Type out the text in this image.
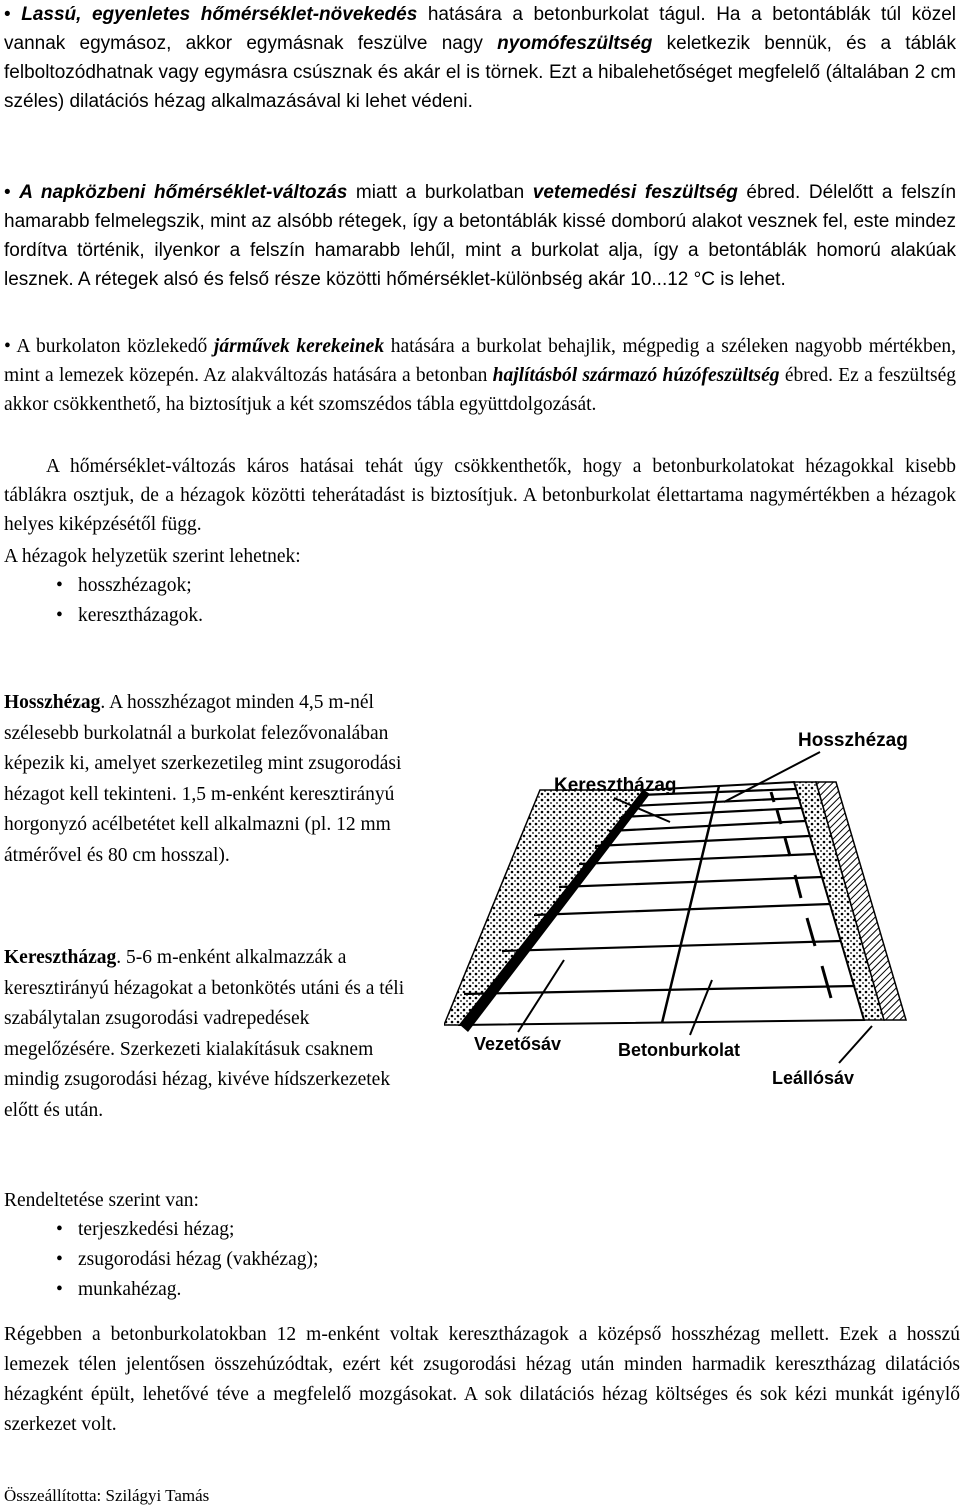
• Lassú, egyenletes hőmérséklet-növekedés hatására a betonburkolat tágul. Ha a betontáblák túl közel vannak egymásoz, akkor egymásnak feszülve nagy nyomófeszültség keletkezik bennük, és a táblák felboltozódhatnak vagy egymásra csúsznak és akár el is törnek. Ezt a hibalehetőséget megfelelő (általában 2 cm széles) dilatációs hézag alkalmazásával ki lehet védeni.

• A napközbeni hőmérséklet-változás miatt a burkolatban vetemedési feszültség ébred. Délelőtt a felszín hamarabb felmelegszik, mint az alsóbb rétegek, így a betontáblák kissé domború alakot vesznek fel, este mindez fordítva történik, ilyenkor a felszín hamarabb lehűl, mint a burkolat alja, így a betontáblák homorú alakúak lesznek. A rétegek alsó és felső része közötti hőmérséklet-különbség akár 10...12 °C is lehet.

• A burkolaton közlekedő járművek kerekeinek hatására a burkolat behajlik, mégpedig a széleken nagyobb mértékben, mint a lemezek közepén. Az alakváltozás hatására a betonban hajlításból származó húzófeszültség ébred. Ez a feszültség akkor csökkenthető, ha biztosítjuk a két szomszédos tábla együttdolgozását.

A hőmérséklet-változás káros hatásai tehát úgy csökkenthetők, hogy a betonburkolatokat hézagokkal kisebb táblákra osztjuk, de a hézagok közötti teherátadást is biztosítjuk. A betonburkolat élettartama nagymértékben a hézagok helyes kiképzésétől függ.

A hézagok helyzetük szerint lehetnek:

• hosszhézagok;
• keresztházagok.

Hosszhézag. A hosszhézagot minden 4,5 m-nél szélesebb burkolatnál a burkolat felezővonalában képezik ki, amelyet szerkezetileg mint zsugorodási hézagot kell tekinteni. 1,5 m-enként keresztirányú horgonyzó acélbetétet kell alkalmazni (pl. 12 mm átmérővel és 80 cm hosszal).

Keresztházag. 5-6 m-enként alkalmazzák a keresztirányú hézagokat a betonkötés utáni és a téli szabálytalan zsugorodási vadrepedések megelőzésére. Szerkezeti kialakításuk csaknem mindig zsugorodási hézag, kivéve hídszerkezetek előtt és után.

Hosszhézag
Keresztházag
Vezetősáv	Betonburkolat
Leállósáv

Rendeltetése szerint van:

• terjeszkedési hézag;
• zsugorodási hézag (vakhézag);
• munkahézag.

Régebben a betonburkolatokban 12 m-enként voltak keresztházagok a középső hosszhézag mellett. Ezek a hosszú lemezek télen jelentősen összehúzódtak, ezért két zsugorodási hézag után minden harmadik keresztházag dilatációs hézagként épült, lehetővé téve a megfelelő mozgásokat. A sok dilatációs hézag költséges és sok kézi munkát igénylő szerkezet volt.

Összeállította: Szilágyi Tamás
